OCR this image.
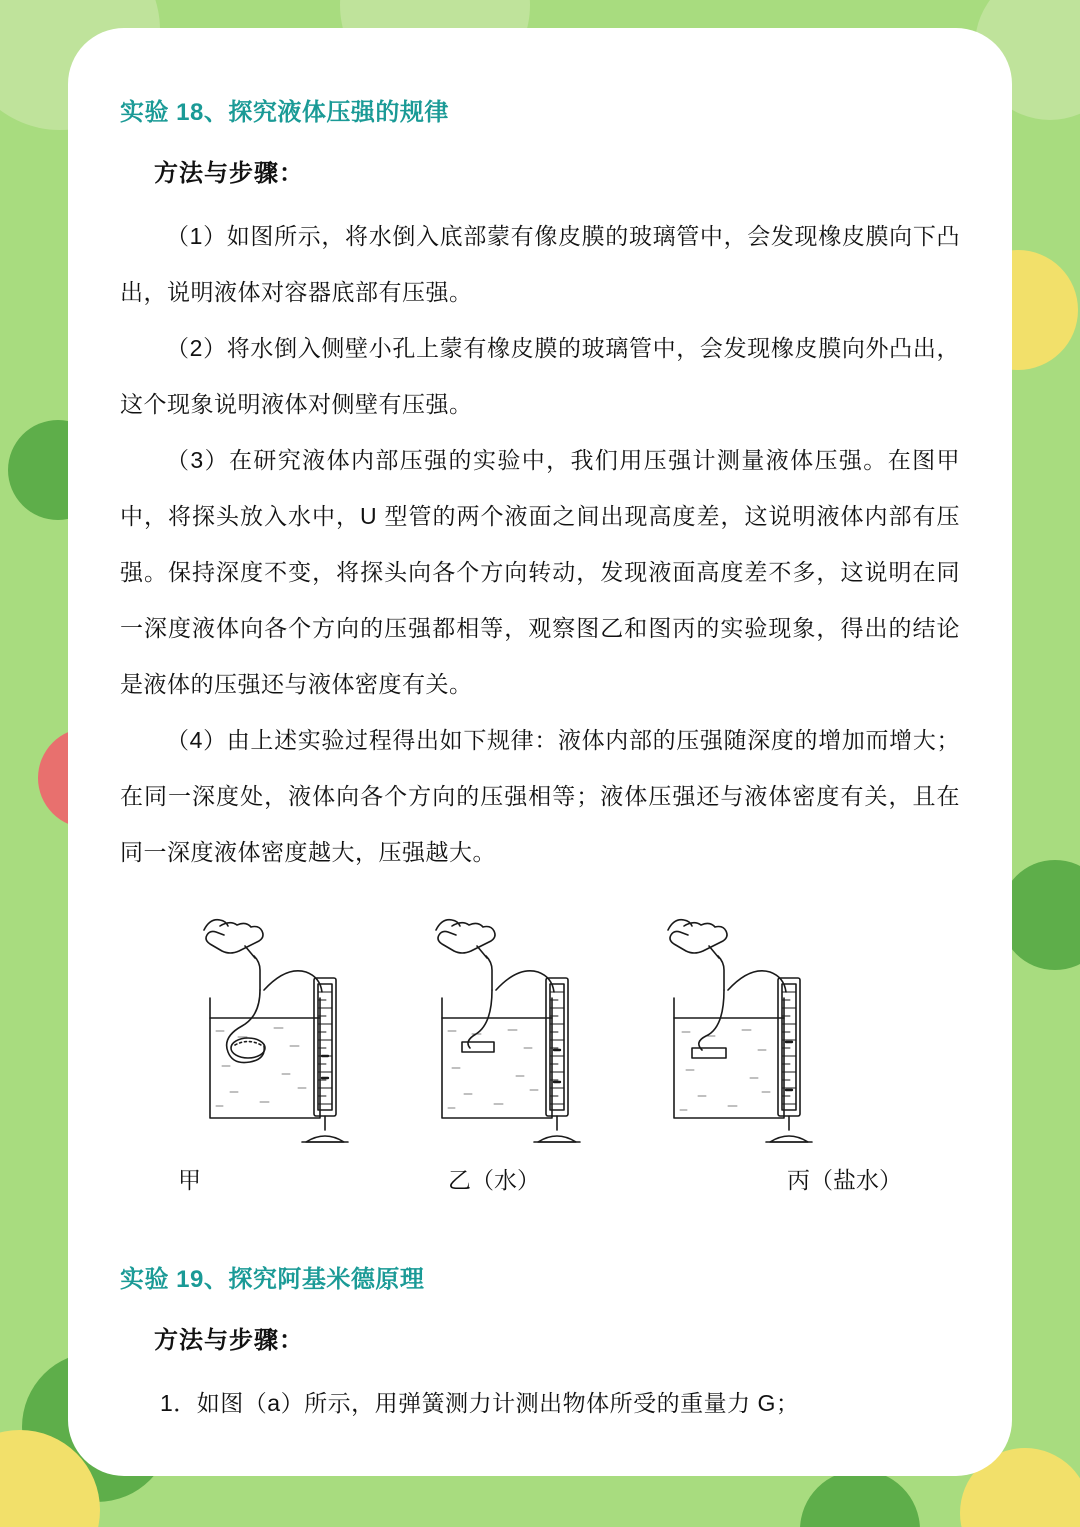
实验 18、探究液体压强的规律
方法与步骤：

（1）如图所示，将水倒入底部蒙有像皮膜的玻璃管中，会发现橡皮膜向下凸出，说明液体对容器底部有压强。

（2）将水倒入侧壁小孔上蒙有橡皮膜的玻璃管中，会发现橡皮膜向外凸出，这个现象说明液体对侧壁有压强。

（3）在研究液体内部压强的实验中，我们用压强计测量液体压强。在图甲中，将探头放入水中，U 型管的两个液面之间出现高度差，这说明液体内部有压强。保持深度不变，将探头向各个方向转动，发现液面高度差不多，这说明在同一深度液体向各个方向的压强都相等，观察图乙和图丙的实验现象，得出的结论是液体的压强还与液体密度有关。

（4）由上述实验过程得出如下规律：液体内部的压强随深度的增加而增大；在同一深度处，液体向各个方向的压强相等；液体压强还与液体密度有关，且在同一深度液体密度越大，压强越大。

甲	乙（水）	丙（盐水）
实验 19、探究阿基米德原理
方法与步骤：

1．如图（a）所示，用弹簧测力计测出物体所受的重量力 G；
